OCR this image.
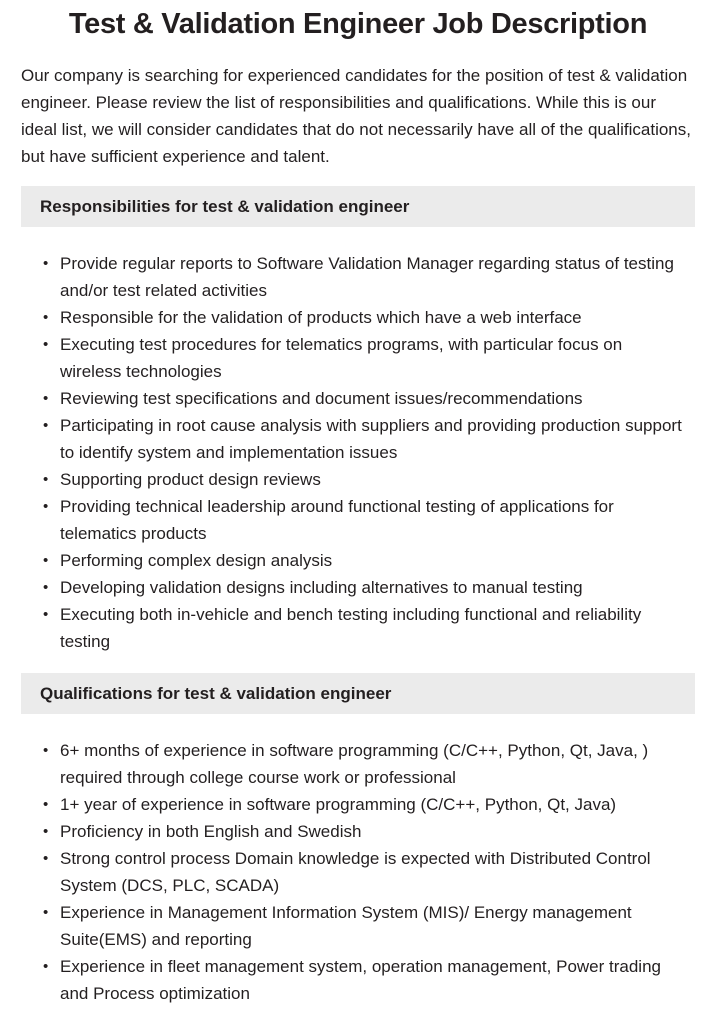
Test & Validation Engineer Job Description

Our company is searching for experienced candidates for the position of test & validation engineer. Please review the list of responsibilities and qualifications. While this is our ideal list, we will consider candidates that do not necessarily have all of the qualifications, but have sufficient experience and talent.

Responsibilities for test & validation engineer
• Provide regular reports to Software Validation Manager regarding status of testing and/or test related activities
• Responsible for the validation of products which have a web interface
• Executing test procedures for telematics programs, with particular focus on wireless technologies
• Reviewing test specifications and document issues/recommendations
• Participating in root cause analysis with suppliers and providing production support to identify system and implementation issues
• Supporting product design reviews
• Providing technical leadership around functional testing of applications for telematics products
• Performing complex design analysis
• Developing validation designs including alternatives to manual testing
• Executing both in-vehicle and bench testing including functional and reliability testing
Qualifications for test & validation engineer
• 6+ months of experience in software programming (C/C++, Python, Qt, Java, ) required through college course work or professional
• 1+ year of experience in software programming (C/C++, Python, Qt, Java)
• Proficiency in both English and Swedish
• Strong control process Domain knowledge is expected with Distributed Control System (DCS, PLC, SCADA)
• Experience in Management Information System (MIS)/ Energy management Suite(EMS) and reporting
• Experience in fleet management system, operation management, Power trading and Process optimization
